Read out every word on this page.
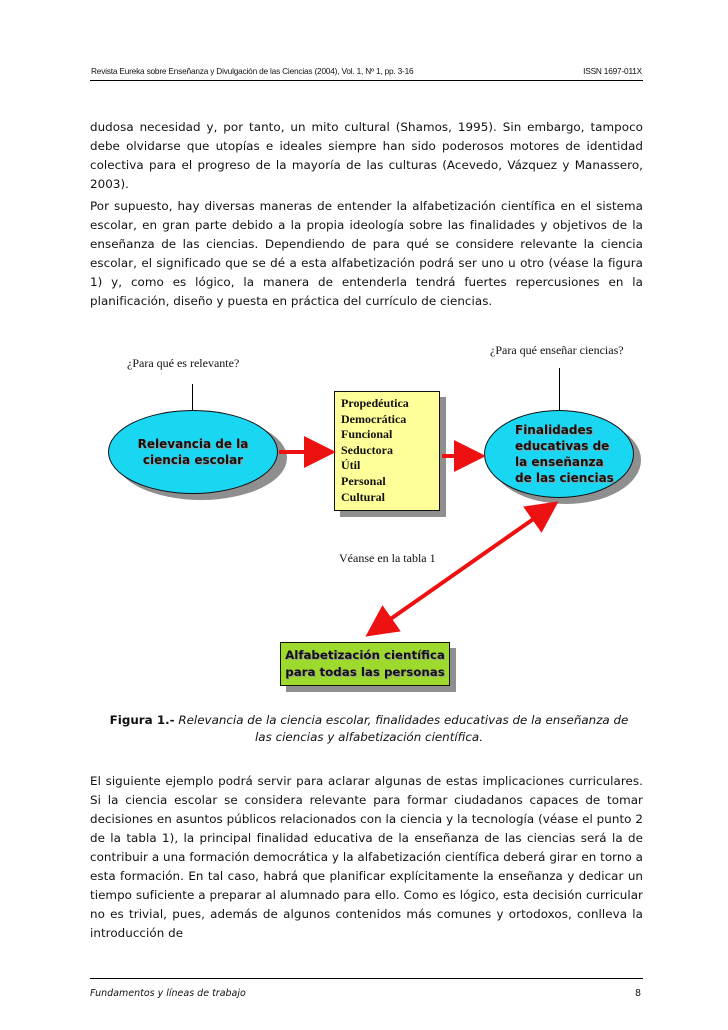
Revista Eureka sobre Enseñanza y Divulgación de las Ciencias (2004), Vol. 1, Nº 1, pp. 3-16	ISSN 1697-011X

dudosa necesidad y, por tanto, un mito cultural (Shamos, 1995). Sin embargo, tampoco debe olvidarse que utopías e ideales siempre han sido poderosos motores de identidad colectiva para el progreso de la mayoría de las culturas (Acevedo, Vázquez y Manassero, 2003).

Por supuesto, hay diversas maneras de entender la alfabetización científica en el sistema escolar, en gran parte debido a la propia ideología sobre las finalidades y objetivos de la enseñanza de las ciencias. Dependiendo de para qué se considere relevante la ciencia escolar, el significado que se dé a esta alfabetización podrá ser uno u otro (véase la figura 1) y, como es lógico, la manera de entenderla tendrá fuertes repercusiones en la planificación, diseño y puesta en práctica del currículo de ciencias.

¿Para qué es relevante?
¿Para qué enseñar ciencias?
Relevancia de la
ciencia escolar
Propedéutica
Democrática
Funcional
Seductora
Útil
Personal
Cultural
Finalidades
educativas de
la enseñanza
de las ciencias
Véanse en la tabla 1
Alfabetización científica
para todas las personas
Figura 1.- Relevancia de la ciencia escolar, finalidades educativas de la enseñanza de las ciencias y alfabetización científica.

El siguiente ejemplo podrá servir para aclarar algunas de estas implicaciones curriculares. Si la ciencia escolar se considera relevante para formar ciudadanos capaces de tomar decisiones en asuntos públicos relacionados con la ciencia y la tecnología (véase el punto 2 de la tabla 1), la principal finalidad educativa de la enseñanza de las ciencias será la de contribuir a una formación democrática y la alfabetización científica deberá girar en torno a esta formación. En tal caso, habrá que planificar explícitamente la enseñanza y dedicar un tiempo suficiente a preparar al alumnado para ello. Como es lógico, esta decisión curricular no es trivial, pues, además de algunos contenidos más comunes y ortodoxos, conlleva la introducción de

Fundamentos y líneas de trabajo	8
